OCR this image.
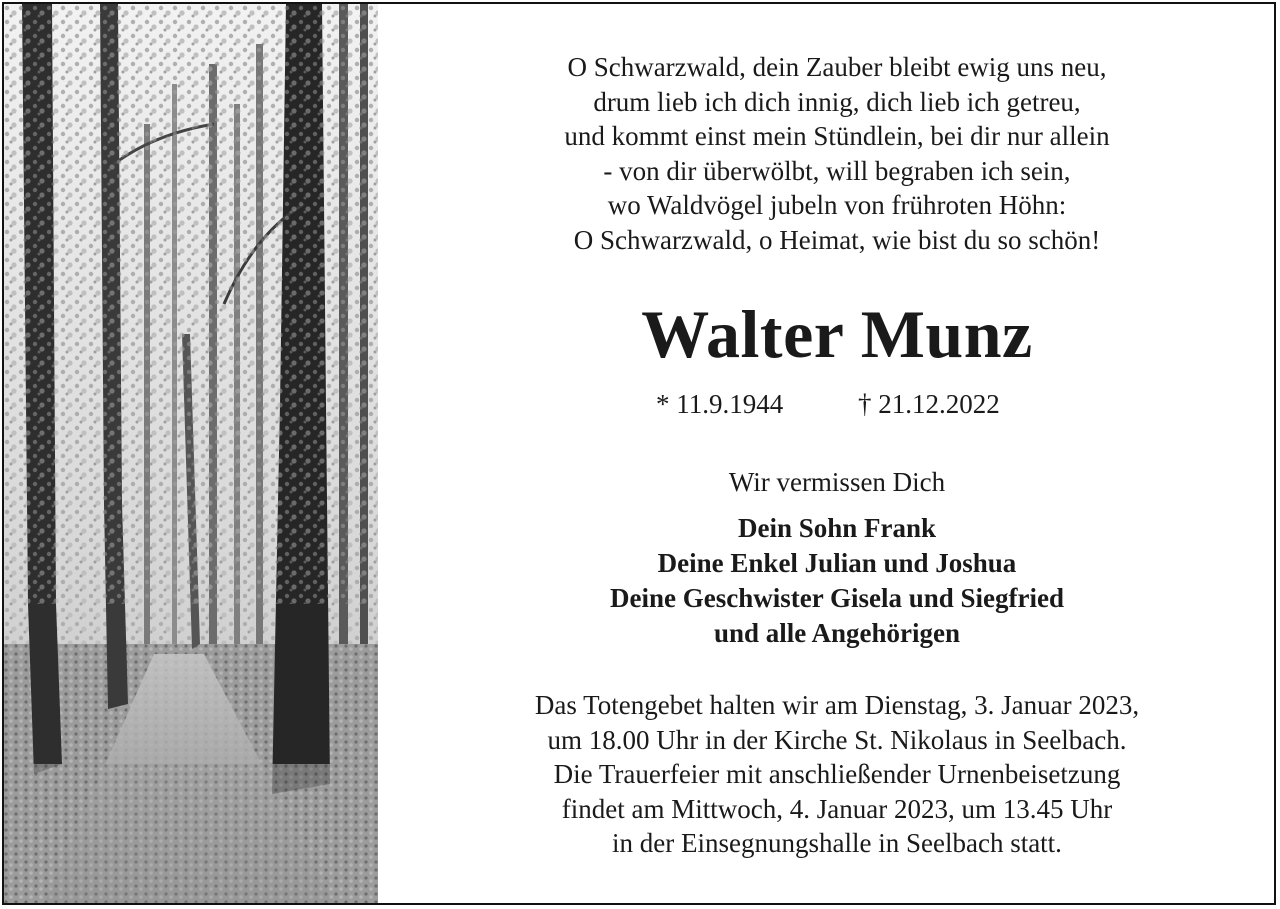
O Schwarzwald, dein Zauber bleibt ewig uns neu,
drum lieb ich dich innig, dich lieb ich getreu,
und kommt einst mein Stündlein, bei dir nur allein
- von dir überwölbt, will begraben ich sein,
wo Waldvögel jubeln von frühroten Höhn:
O Schwarzwald, o Heimat, wie bist du so schön!
Walter Munz
* 11.9.1944	† 21.12.2022
Wir vermissen Dich
Dein Sohn Frank
Deine Enkel Julian und Joshua
Deine Geschwister Gisela und Siegfried
und alle Angehörigen
Das Totengebet halten wir am Dienstag, 3. Januar 2023,
um 18.00 Uhr in der Kirche St. Nikolaus in Seelbach.
Die Trauerfeier mit anschließender Urnenbeisetzung
findet am Mittwoch, 4. Januar 2023, um 13.45 Uhr
in der Einsegnungshalle in Seelbach statt.
